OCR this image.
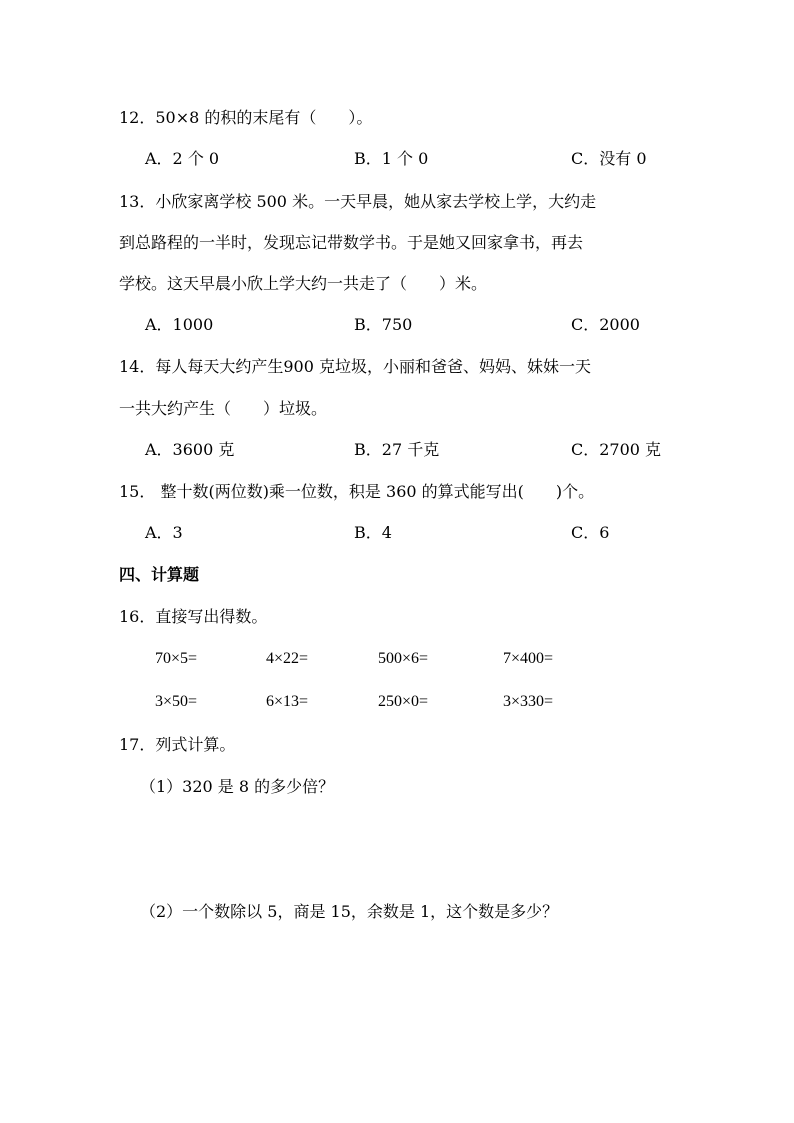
12．50×8 的积的末尾有（　　）。
A．2 个 0	B．1 个 0	C．没有 0
13．小欣家离学校 500 米。一天早晨，她从家去学校上学，大约走
到总路程的一半时，发现忘记带数学书。于是她又回家拿书，再去
学校。这天早晨小欣上学大约一共走了（　　）米。
A．1000	B．750	C．2000
14．每人每天大约产生900 克垃圾，小丽和爸爸、妈妈、妹妹一天
一共大约产生（　　）垃圾。
A．3600 克	B．27 千克	C．2700 克
15． 整十数(两位数)乘一位数，积是 360 的算式能写出(　　)个。
A．3	B．4	C．6
四、计算题
16．直接写出得数。
70×5=	4×22=	500×6=	7×400=
3×50=	6×13=	250×0=	3×330=
17．列式计算。
（1）320 是 8 的多少倍？
（2）一个数除以 5，商是 15，余数是 1，这个数是多少？
